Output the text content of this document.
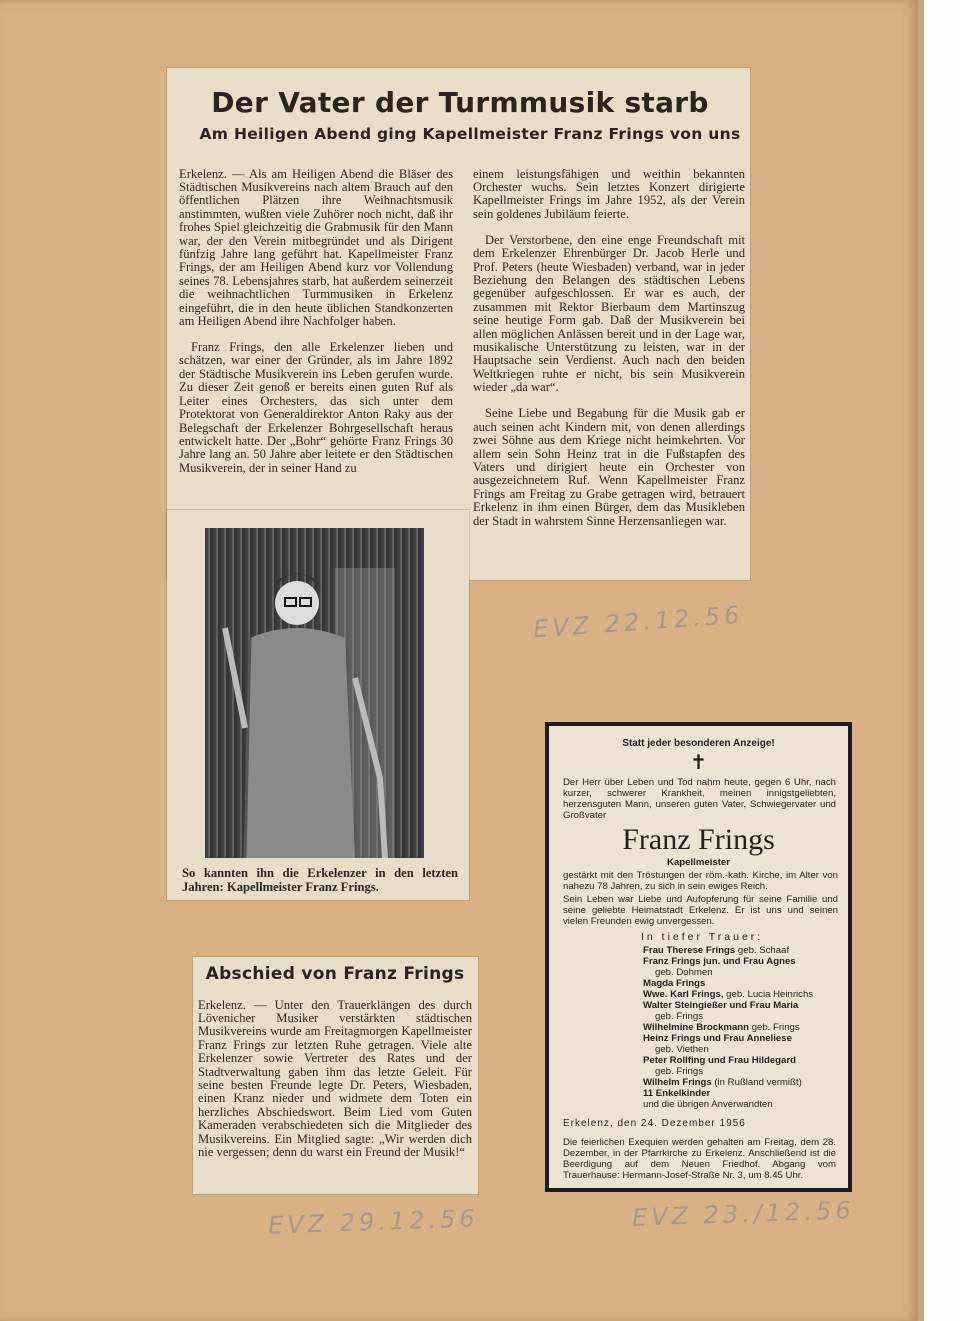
Der Vater der Turmmusik starb
Am Heiligen Abend ging Kapellmeister Franz Frings von uns

Erkelenz. — Als am Heiligen Abend die Bläser des Städtischen Musikvereins nach altem Brauch auf den öffentlichen Plätzen ihre Weihnachtsmusik anstimmten, wußten viele Zuhörer noch nicht, daß ihr frohes Spiel gleichzeitig die Grabmusik für den Mann war, der den Verein mitbegründet und als Dirigent fünfzig Jahre lang geführt hat. Kapellmeister Franz Frings, der am Heiligen Abend kurz vor Vollendung seines 78. Lebensjahres starb, hat außerdem seinerzeit die weihnachtlichen Turmmusiken in Erkelenz eingeführt, die in den heute üblichen Standkonzerten am Heiligen Abend ihre Nachfolger haben.

Franz Frings, den alle Erkelenzer lieben und schätzen, war einer der Gründer, als im Jahre 1892 der Städtische Musikverein ins Leben gerufen wurde. Zu dieser Zeit genoß er bereits einen guten Ruf als Leiter eines Orchesters, das sich unter dem Protektorat von Generaldirektor Anton Raky aus der Belegschaft der Erkelenzer Bohrgesellschaft heraus entwickelt hatte. Der „Bohr“ gehörte Franz Frings 30 Jahre lang an. 50 Jahre aber leitete er den Städtischen Musikverein, der in seiner Hand zu

einem leistungsfähigen und weithin bekannten Orchester wuchs. Sein letztes Konzert dirigierte Kapellmeister Frings im Jahre 1952, als der Verein sein goldenes Jubiläum feierte.

Der Verstorbene, den eine enge Freundschaft mit dem Erkelenzer Ehrenbürger Dr. Jacob Herle und Prof. Peters (heute Wiesbaden) verband, war in jeder Beziehung den Belangen des städtischen Lebens gegenüber aufgeschlossen. Er war es auch, der zusammen mit Rektor Bierbaum dem Martinszug seine heutige Form gab. Daß der Musikverein bei allen möglichen Anlässen bereit und in der Lage war, musikalische Unterstützung zu leisten, war in der Hauptsache sein Verdienst. Auch nach den beiden Weltkriegen ruhte er nicht, bis sein Musikverein wieder „da war“.

Seine Liebe und Begabung für die Musik gab er auch seinen acht Kindern mit, von denen allerdings zwei Söhne aus dem Kriege nicht heimkehrten. Vor allem sein Sohn Heinz trat in die Fußstapfen des Vaters und dirigiert heute ein Orchester von ausgezeichnetem Ruf. Wenn Kapellmeister Franz Frings am Freitag zu Grabe getragen wird, betrauert Erkelenz in ihm einen Bürger, dem das Musikleben der Stadt in wahrstem Sinne Herzensanliegen war.

So kannten ihn die Erkelenzer in den letzten Jahren: Kapellmeister Franz Frings.
EVZ 22.12.56
EVZ 29.12.56	EVZ 23./12.56
Abschied von Franz Frings

Erkelenz. — Unter den Trauerklängen des durch Lövenicher Musiker verstärkten städtischen Musikvereins wurde am Freitagmorgen Kapellmeister Franz Frings zur letzten Ruhe getragen. Viele alte Erkelenzer sowie Vertreter des Rates und der Stadtverwaltung gaben ihm das letzte Geleit. Für seine besten Freunde legte Dr. Peters, Wiesbaden, einen Kranz nieder und widmete dem Toten ein herzliches Abschiedswort. Beim Lied vom Guten Kameraden verabschiedeten sich die Mitglieder des Musikvereins. Ein Mitglied sagte: „Wir werden dich nie vergessen; denn du warst ein Freund der Musik!“

Statt jeder besonderen Anzeige!
✝
Der Herr über Leben und Tod nahm heute, gegen 6 Uhr, nach kurzer, schwerer Krankheit, meinen innigstgeliebten, herzensguten Mann, unseren guten Vater, Schwiegervater und Großvater
Franz Frings
Kapellmeister
gestärkt mit den Tröstungen der röm.-kath. Kirche, im Alter von nahezu 78 Jahren, zu sich in sein ewiges Reich.
Sein Leben war Liebe und Aufopferung für seine Familie und seine geliebte Heimatstadt Erkelenz. Er ist uns und seinen vielen Freunden ewig unvergessen.
In tiefer Trauer:
Frau Therese Frings geb. Schaaf
Franz Frings jun. und Frau Agnes
geb. Dohmen
Magda Frings
Wwe. Karl Frings, geb. Lucia Heinrichs
Walter Steingießer und Frau Maria
geb. Frings
Wilhelmine Brockmann geb. Frings
Heinz Frings und Frau Anneliese
geb. Viethen
Peter Rollfing und Frau Hildegard
geb. Frings
Wilhelm Frings (in Rußland vermißt)
11 Enkelkinder
und die übrigen Anverwandten
Erkelenz, den 24. Dezember 1956
Die feierlichen Exequien werden gehalten am Freitag, dem 28. Dezember, in der Pfarrkirche zu Erkelenz. Anschließend ist die Beerdigung auf dem Neuen Friedhof. Abgang vom Trauerhause: Hermann-Josef-Straße Nr. 3, um 8.45 Uhr.
